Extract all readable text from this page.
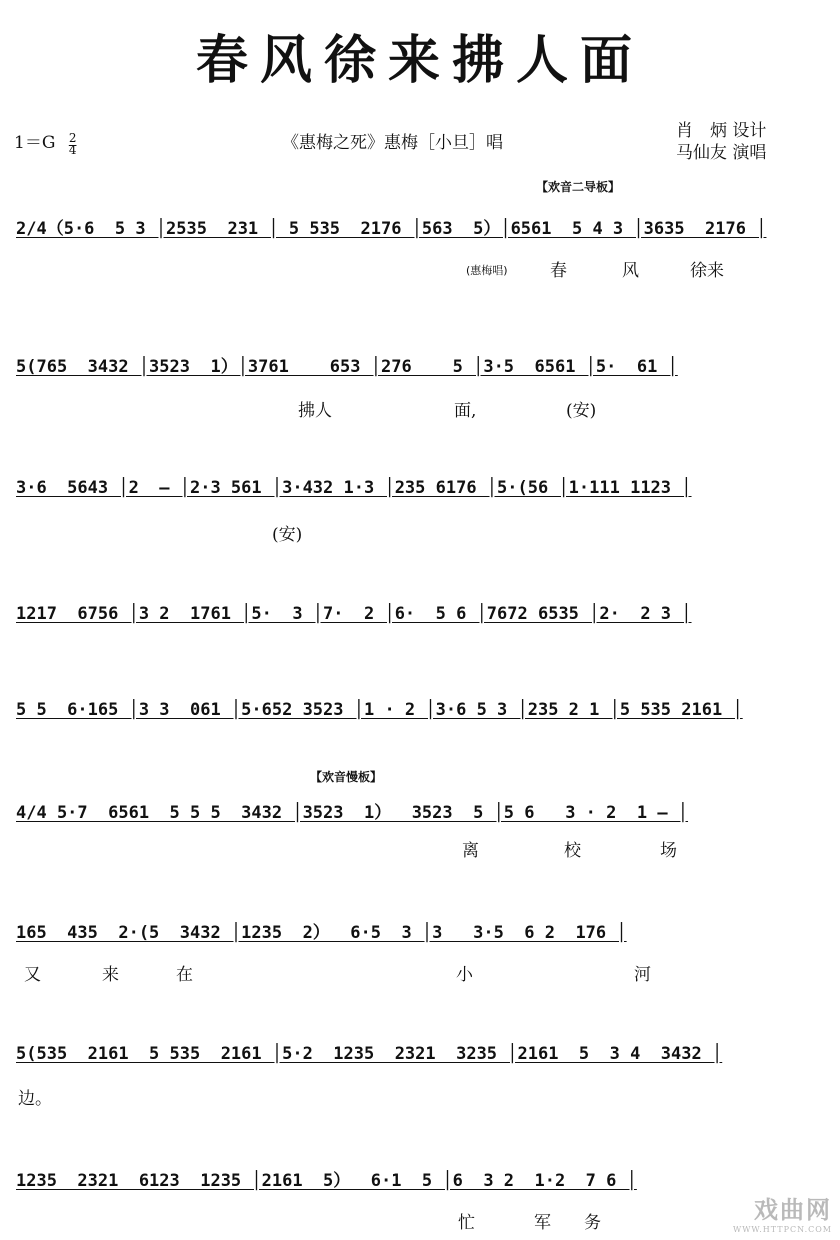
春风徐来拂人面
$1=G \frac{2}{4}$	《惠梅之死》惠梅［小旦］唱
肖　炳 设计
马仙友 演唱
【欢音二导板】
【欢音慢板】
2/4（5·6  5 3 │2535  231 │ 5 535  2176 │563  5）│6561  5 4 3 │3635  2176 │
5(765  3432 │3523  1）│3761    653 │276    5 │3·5  6561 │5·  61 │
3·6  5643 │2  — │2·3 561 │3·432 1·3 │235 6176 │5·(56 │1·111 1123 │
1217  6756 │3 2  1761 │5·  3 │7·  2 │6·  5 6 │7672 6535 │2·  2 3 │
5 5  6·165 │3 3  061 │5·652 3523 │1 · 2 │3·6 5 3 │235 2 1 │5 535 2161 │
4/4 5·7  6561  5 5 5  3432 │3523  1）  3523  5 │5 6   3 · 2  1 — │
165  435  2·(5  3432 │1235  2）  6·5  3 │3   3·5  6 2  176 │
5(535  2161  5 535  2161 │5·2  1235  2321  3235 │2161  5  3 4  3432 │
1235  2321  6123  1235 │2161  5）  6·1  5 │6  3 2  1·2  7 6 │
(惠梅唱) 春	风	徐来
拂人	面,	(安)
(安)
离	校	场
又	来	在	小	河
边。
忙	军 务	戏曲网
WWW.HTTPCN.COM
